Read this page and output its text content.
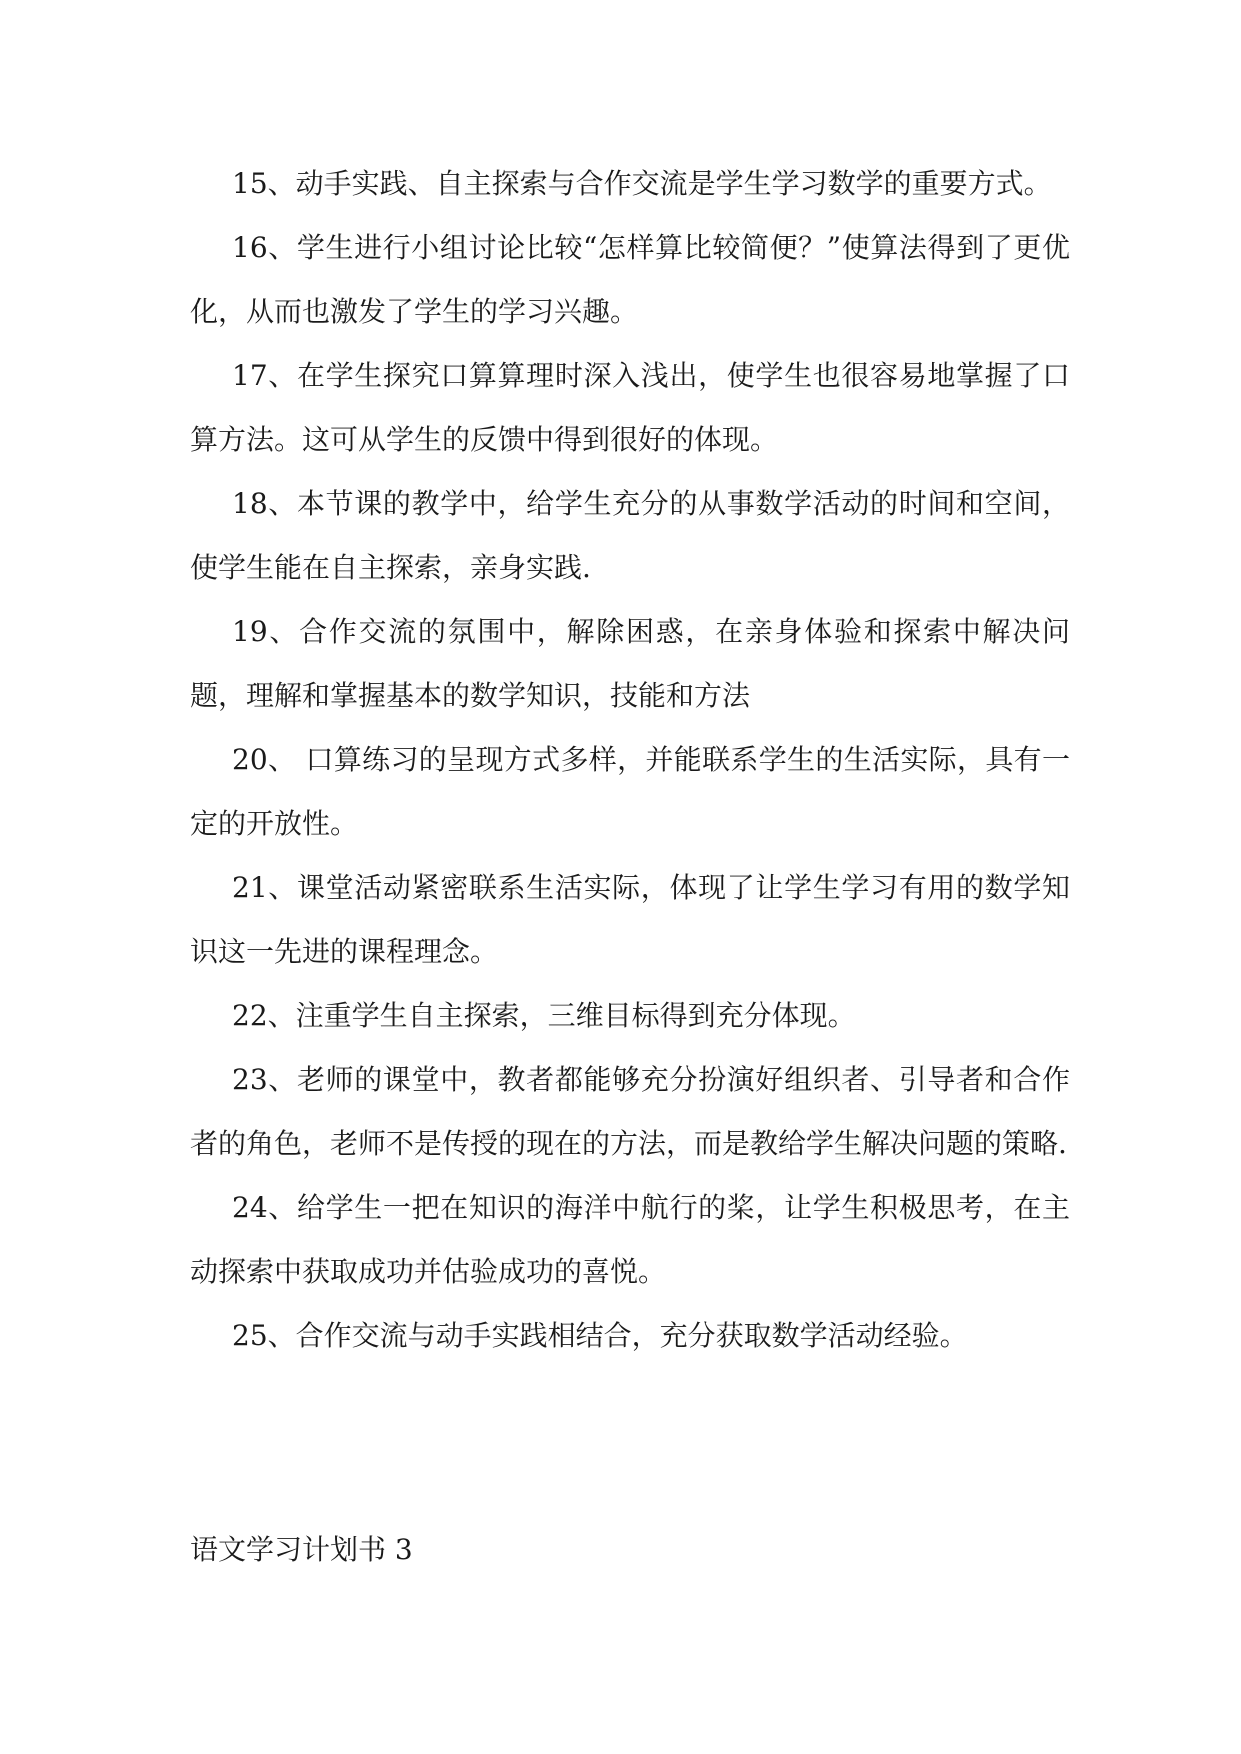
15、动手实践、自主探索与合作交流是学生学习数学的重要方式。

16、学生进行小组讨论比较“怎样算比较简便？”使算法得到了更优化，从而也激发了学生的学习兴趣。

17、在学生探究口算算理时深入浅出，使学生也很容易地掌握了口算方法。这可从学生的反馈中得到很好的体现。

18、本节课的教学中，给学生充分的从事数学活动的时间和空间，使学生能在自主探索，亲身实践.

19、合作交流的氛围中，解除困惑，在亲身体验和探索中解决问题，理解和掌握基本的数学知识，技能和方法

20、 口算练习的呈现方式多样，并能联系学生的生活实际，具有一定的开放性。

21、课堂活动紧密联系生活实际，体现了让学生学习有用的数学知识这一先进的课程理念。

22、注重学生自主探索，三维目标得到充分体现。

23、老师的课堂中，教者都能够充分扮演好组织者、引导者和合作者的角色，老师不是传授的现在的方法，而是教给学生解决问题的策略.

24、给学生一把在知识的海洋中航行的桨，让学生积极思考，在主动探索中获取成功并估验成功的喜悦。

25、合作交流与动手实践相结合，充分获取数学活动经验。

语文学习计划书 3
